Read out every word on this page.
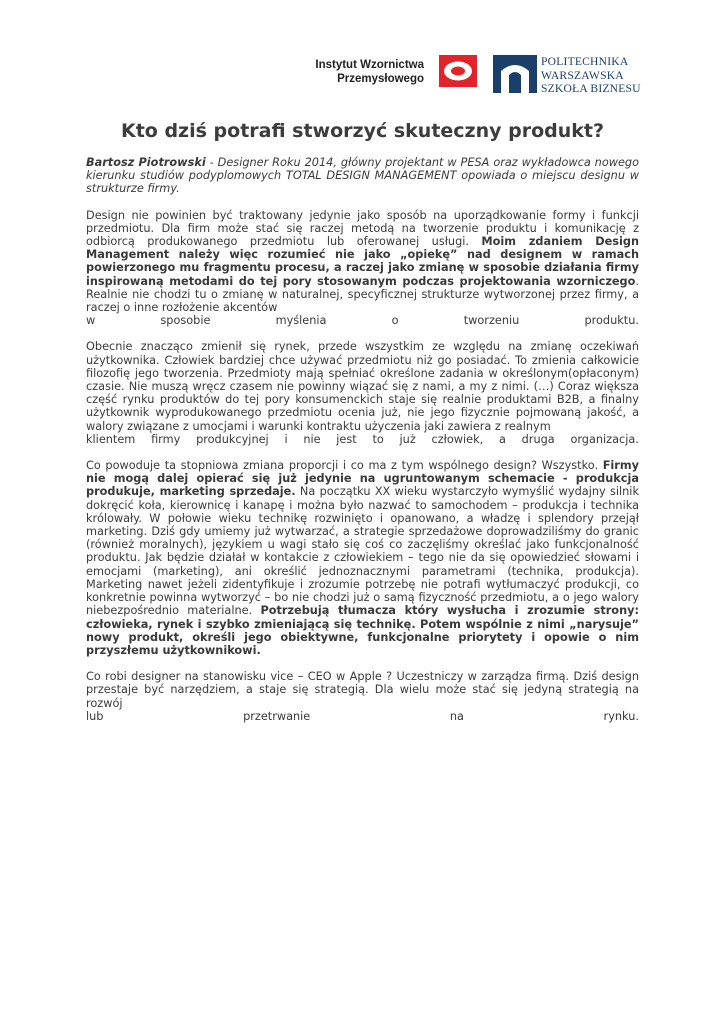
Instytut Wzornictwa
Przemysłowego
POLITECHNIKA
WARSZAWSKA
SZKOŁA BIZNESU
Kto dziś potrafi stworzyć skuteczny produkt?

Bartosz Piotrowski - Designer Roku 2014, główny projektant w PESA oraz wykładowca nowego kierunku studiów podyplomowych TOTAL DESIGN MANAGEMENT opowiada o miejscu designu w strukturze firmy.

Design nie powinien być traktowany jedynie jako sposób na uporządkowanie formy i funkcji przedmiotu. Dla firm może stać się raczej metodą na tworzenie produktu i komunikację z odbiorcą produkowanego przedmiotu lub oferowanej usługi. Moim zdaniem Design Management należy więc rozumieć nie jako „opiekę” nad designem w ramach powierzonego mu fragmentu procesu, a raczej jako zmianę w sposobie działania firmy inspirowaną metodami do tej pory stosowanym podczas projektowania wzorniczego. Realnie nie chodzi tu o zmianę w naturalnej, specyficznej strukturze wytworzonej przez firmy, a raczej o inne rozłożenie akcentów
w	sposobie	myślenia	o	tworzeniu	produktu.

Obecnie znacząco zmienił się rynek, przede wszystkim ze względu na zmianę oczekiwań użytkownika. Człowiek bardziej chce używać przedmiotu niż go posiadać. To zmienia całkowicie filozofię jego tworzenia. Przedmioty mają spełniać określone zadania w określonym(opłaconym) czasie. Nie muszą wręcz czasem nie powinny wiązać się z nami, a my z nimi. (…) Coraz większa część rynku produktów do tej pory konsumenckich staje się realnie produktami B2B, a finalny użytkownik wyprodukowanego przedmiotu ocenia już, nie jego fizycznie pojmowaną jakość, a walory związane z umocjami i warunki kontraktu użyczenia jaki zawiera z realnym
klientem firmy produkcyjnej i nie jest to już człowiek, a druga organizacja.

Co powoduje ta stopniowa zmiana proporcji i co ma z tym wspólnego design? Wszystko. Firmy nie mogą dalej opierać się już jedynie na ugruntowanym schemacie - produkcja produkuje, marketing sprzedaje. Na początku XX wieku wystarczyło wymyślić wydajny silnik dokręcić koła, kierownicę i kanapę i można było nazwać to samochodem – produkcja i technika królowały. W połowie wieku technikę rozwinięto i opanowano, a władzę i splendory przejął marketing. Dziś gdy umiemy już wytwarzać, a strategie sprzedażowe doprowadziliśmy do granic (również moralnych), językiem u wagi stało się coś co zaczęliśmy określać jako funkcjonalność produktu. Jak będzie działał w kontakcie z człowiekiem – tego nie da się opowiedzieć słowami i emocjami (marketing), ani określić jednoznacznymi parametrami (technika, produkcja). Marketing nawet jeżeli zidentyfikuje i zrozumie potrzebę nie potrafi wytłumaczyć produkcji, co konkretnie powinna wytworzyć – bo nie chodzi już o samą fizyczność przedmiotu, a o jego walory niebezpośrednio materialne. Potrzebują tłumacza który wysłucha i zrozumie strony: człowieka, rynek i szybko zmieniającą się technikę. Potem wspólnie z nimi „narysuje” nowy produkt, określi jego obiektywne, funkcjonalne priorytety i opowie o nim przyszłemu użytkownikowi.

Co robi designer na stanowisku vice – CEO w Apple ? Uczestniczy w zarządza firmą. Dziś design przestaje być narzędziem, a staje się strategią. Dla wielu może stać się jedyną strategią na rozwój
lub	przetrwanie	na	rynku.
